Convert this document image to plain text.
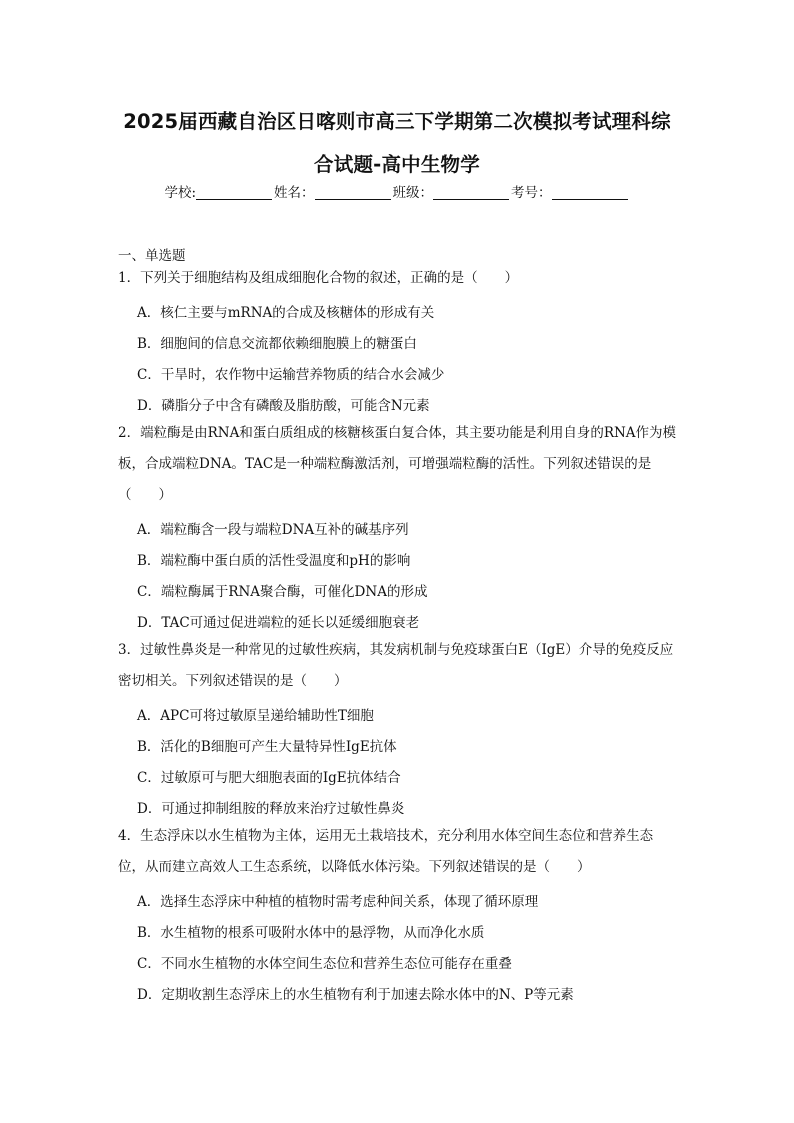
2025届西藏自治区日喀则市高三下学期第二次模拟考试理科综
合试题-高中生物学
学校:	姓名：	班级：	考号：
一、单选题
1．下列关于细胞结构及组成细胞化合物的叙述，正确的是（　　）
A．核仁主要与mRNA的合成及核糖体的形成有关
B．细胞间的信息交流都依赖细胞膜上的糖蛋白
C．干旱时，农作物中运输营养物质的结合水会减少
D．磷脂分子中含有磷酸及脂肪酸，可能含N元素
2．端粒酶是由RNA和蛋白质组成的核糖核蛋白复合体，其主要功能是利用自身的RNA作为模板，合成端粒DNA。TAC是一种端粒酶激活剂，可增强端粒酶的活性。下列叙述错误的是（　　）
A．端粒酶含一段与端粒DNA互补的碱基序列
B．端粒酶中蛋白质的活性受温度和pH的影响
C．端粒酶属于RNA聚合酶，可催化DNA的形成
D．TAC可通过促进端粒的延长以延缓细胞衰老
3．过敏性鼻炎是一种常见的过敏性疾病，其发病机制与免疫球蛋白E（IgE）介导的免疫反应密切相关。下列叙述错误的是（　　）
A．APC可将过敏原呈递给辅助性T细胞
B．活化的B细胞可产生大量特异性IgE抗体
C．过敏原可与肥大细胞表面的IgE抗体结合
D．可通过抑制组胺的释放来治疗过敏性鼻炎
4．生态浮床以水生植物为主体，运用无土栽培技术，充分利用水体空间生态位和营养生态位，从而建立高效人工生态系统，以降低水体污染。下列叙述错误的是（　　）
A．选择生态浮床中种植的植物时需考虑种间关系，体现了循环原理
B．水生植物的根系可吸附水体中的悬浮物，从而净化水质
C．不同水生植物的水体空间生态位和营养生态位可能存在重叠
D．定期收割生态浮床上的水生植物有利于加速去除水体中的N、P等元素
